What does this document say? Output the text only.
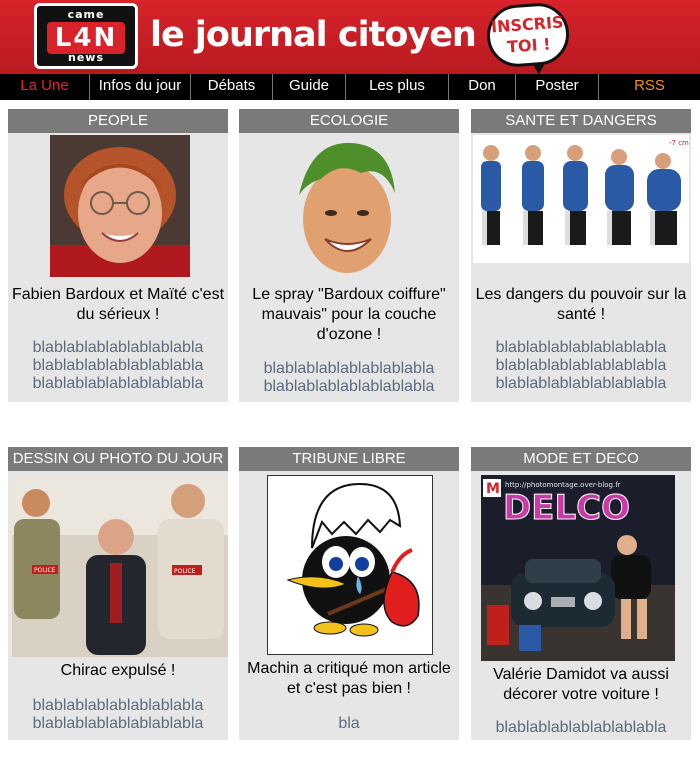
came
L4N
news
le journal citoyen INSCRIS
TOI !
La Une	Infos du jour	Débats	Guide	Les plus	Don	Poster	RSS
PEOPLE
Fabien Bardoux et Maïté c'est du sérieux !
blablablablablablablabla
blablablablablablablabla
blablablablablablablabla
ECOLOGIE
Le spray "Bardoux coiffure" mauvais" pour la couche d'ozone !
blablablablablablablabla
blablablablablablablabla
SANTE ET DANGERS
-7 cm
Les dangers du pouvoir sur la santé !
blablablablablablablabla
blablablablablablablabla
blablablablablablablabla
DESSIN OU PHOTO DU JOUR
POLICE	POLICE
Chirac expulsé !
blablablablablablablabla
blablablablablablablabla
TRIBUNE LIBRE
Machin a critiqué mon article et c'est pas bien !
bla
MODE ET DECO
M http://photomontage.over-blog.fr
DELCO
Valérie Damidot va aussi décorer votre voiture !
blablablablablablablabla
